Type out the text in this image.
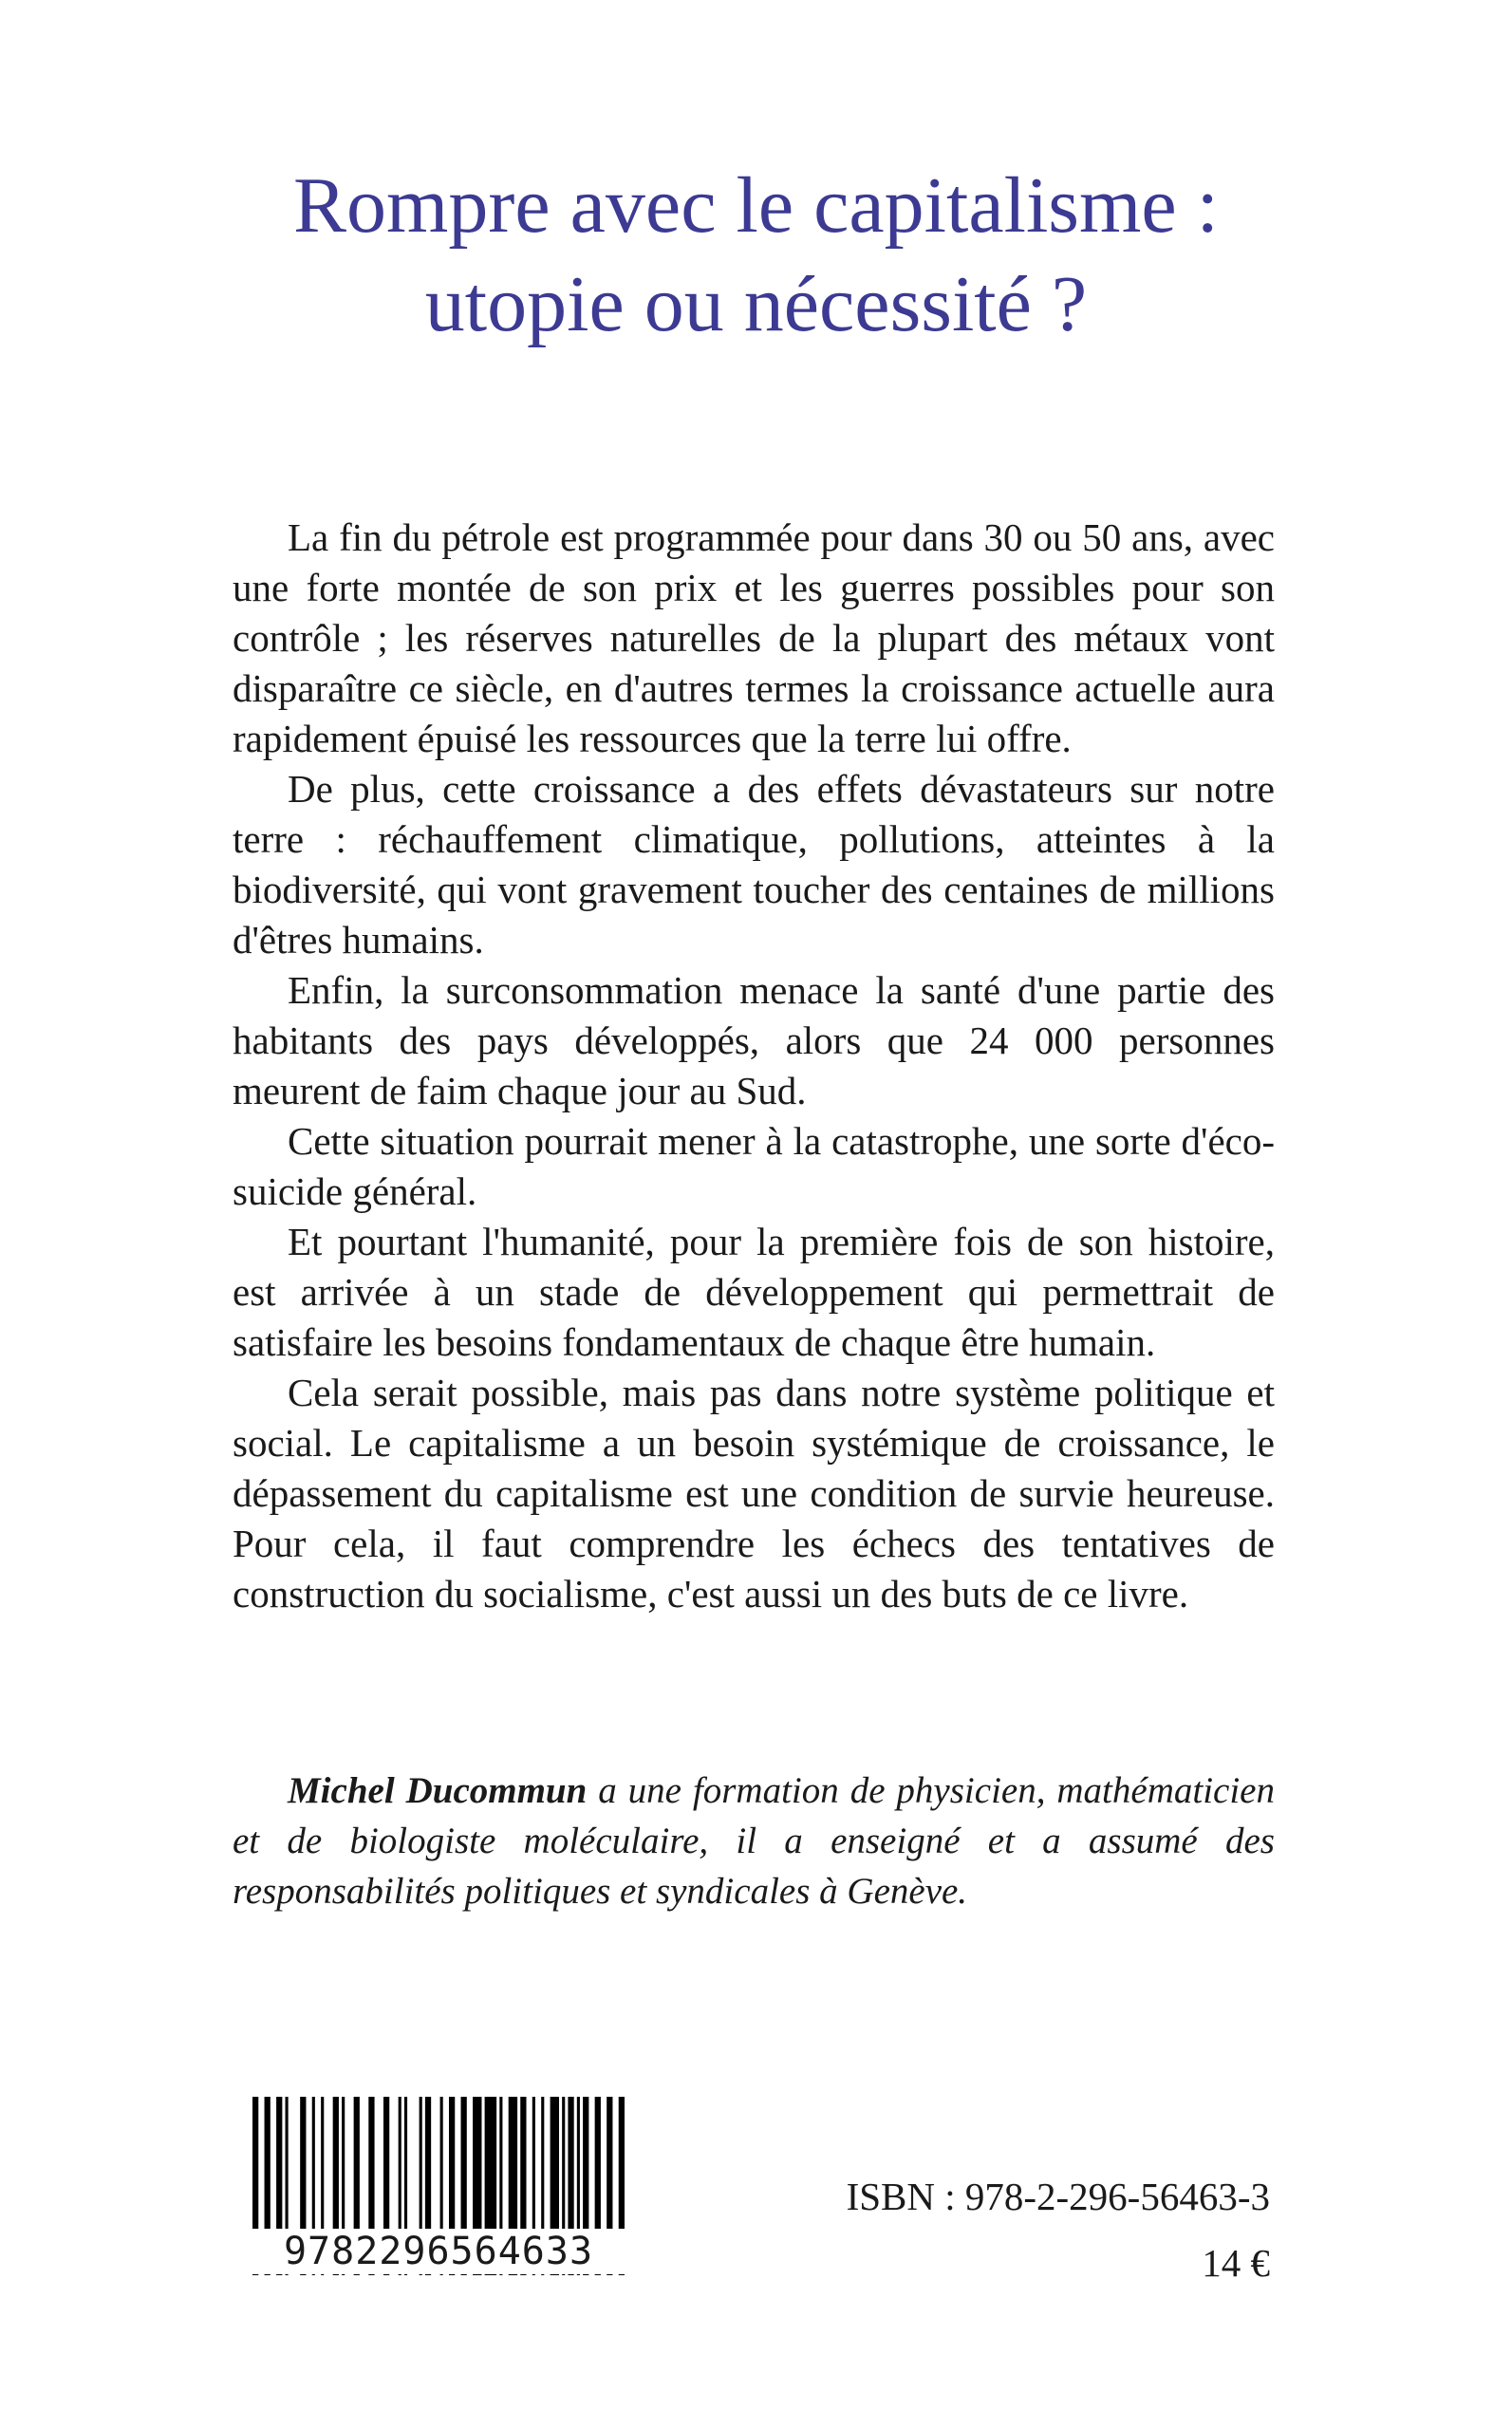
Rompre avec le capitalisme :
utopie ou nécessité ?

La fin du pétrole est programmée pour dans 30 ou 50 ans, avec une forte montée de son prix et les guerres possibles pour son contrôle ; les réserves naturelles de la plupart des métaux vont disparaître ce siècle, en d'autres termes la croissance actuelle aura rapidement épuisé les ressources que la terre lui offre.

De plus, cette croissance a des effets dévastateurs sur notre terre : réchauffement climatique, pollutions, atteintes à la biodiversité, qui vont gravement toucher des centaines de millions d'êtres humains.

Enfin, la surconsommation menace la santé d'une partie des habitants des pays développés, alors que 24 000 personnes meurent de faim chaque jour au Sud.

Cette situation pourrait mener à la catastrophe, une sorte d'éco-suicide général.

Et pourtant l'humanité, pour la première fois de son histoire, est arrivée à un stade de développement qui permettrait de satisfaire les besoins fondamentaux de chaque être humain.

Cela serait possible, mais pas dans notre système politique et social. Le capitalisme a un besoin systémique de croissance, le dépassement du capitalisme est une condition de survie heureuse. Pour cela, il faut comprendre les échecs des tentatives de construction du socialisme, c'est aussi un des buts de ce livre.

Michel Ducommun a une formation de physicien, mathématicien et de biologiste moléculaire, il a enseigné et a assumé des responsabilités politiques et syndicales à Genève.
9782296564633
ISBN : 978-2-296-56463-3
14 €
